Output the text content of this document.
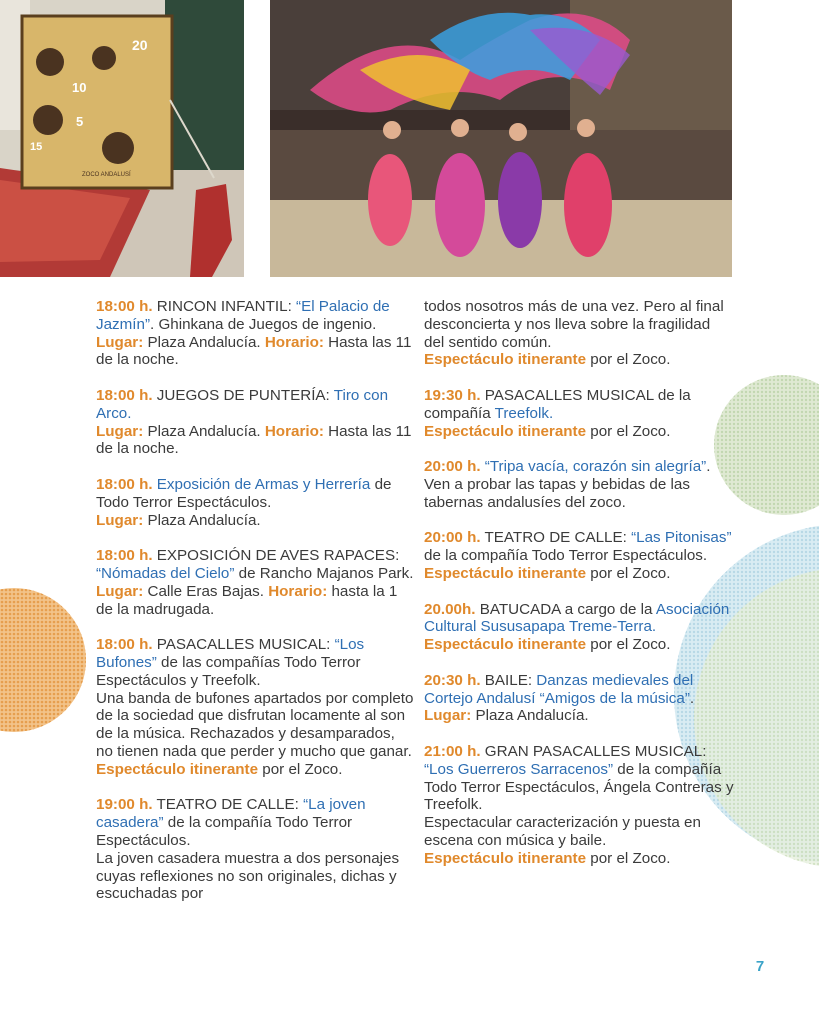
20
10
5
15
ZOCO ANDALUSÍ

18:00 h. RINCON INFANTIL: “El Palacio de Jazmín”. Ghinkana de Juegos de ingenio.

Lugar: Plaza Andalucía. Horario: Hasta las 11 de la noche.

18:00 h. JUEGOS DE PUNTERÍA: Tiro con Arco.

Lugar: Plaza Andalucía. Horario: Hasta las 11 de la noche.

18:00 h. Exposición de Armas y Herrería de Todo Terror Espectáculos.

Lugar: Plaza Andalucía.

18:00 h. EXPOSICIÓN DE AVES RAPACES: “Nómadas del Cielo” de Rancho Majanos Park.

Lugar: Calle Eras Bajas. Horario: hasta la 1 de la madrugada.

18:00 h. PASACALLES MUSICAL: “Los Bufones” de las compañías Todo Terror Espectáculos y Treefolk.

Una banda de bufones apartados por completo de la sociedad que disfrutan locamente al son de la música. Rechazados y desamparados, no tienen nada que perder y mucho que ganar.

Espectáculo itinerante por el Zoco.

19:00 h. TEATRO DE CALLE: “La joven casadera” de la compañía Todo Terror Espectáculos.

La joven casadera muestra a dos personajes cuyas reflexiones no son originales, dichas y escuchadas por

todos nosotros más de una vez. Pero al final desconcierta y nos lleva sobre la fragilidad del sentido común.

Espectáculo itinerante por el Zoco.

19:30 h. PASACALLES MUSICAL de la compañía Treefolk.

Espectáculo itinerante por el Zoco.

20:00 h. “Tripa vacía, corazón sin alegría”. Ven a probar las tapas y bebidas de las tabernas andalusíes del zoco.

20:00 h. TEATRO DE CALLE: “Las Pitonisas” de la compañía Todo Terror Espectáculos.

Espectáculo itinerante por el Zoco.

20.00h. BATUCADA a cargo de la Asociación Cultural Sususapapa Treme-Terra.

Espectáculo itinerante por el Zoco.

20:30 h. BAILE: Danzas medievales del Cortejo Andalusí “Amigos de la música”.

Lugar: Plaza Andalucía.

21:00 h. GRAN PASACALLES MUSICAL: “Los Guerreros Sarracenos” de la compañía Todo Terror Espectáculos, Ángela Contreras y Treefolk.

Espectacular caracterización y puesta en escena con música y baile.

Espectáculo itinerante por el Zoco.

7
